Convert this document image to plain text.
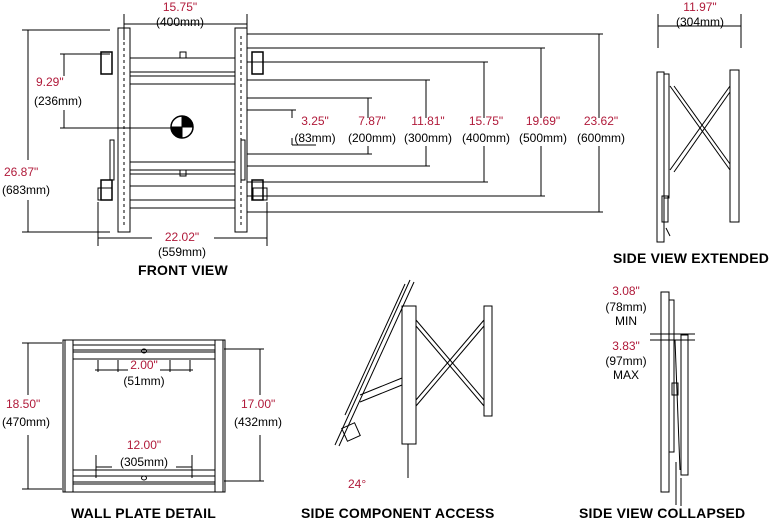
15.75"
(400mm)
9.29"
(236mm)
26.87"
(683mm)
22.02"
(559mm)
3.25"
(83mm)
7.87"
(200mm)
11.81"
(300mm)
15.75"
(400mm)
19.69"
(500mm)
23.62"
(600mm)
11.97"
(304mm)
18.50"
(470mm)
17.00"
(432mm)
2.00"
(51mm)
12.00"
(305mm)
24°
3.08"
(78mm)
MIN
3.83"
(97mm)
MAX
FRONT VIEW
SIDE VIEW EXTENDED
WALL PLATE DETAIL	SIDE COMPONENT ACCESS	SIDE VIEW COLLAPSED
